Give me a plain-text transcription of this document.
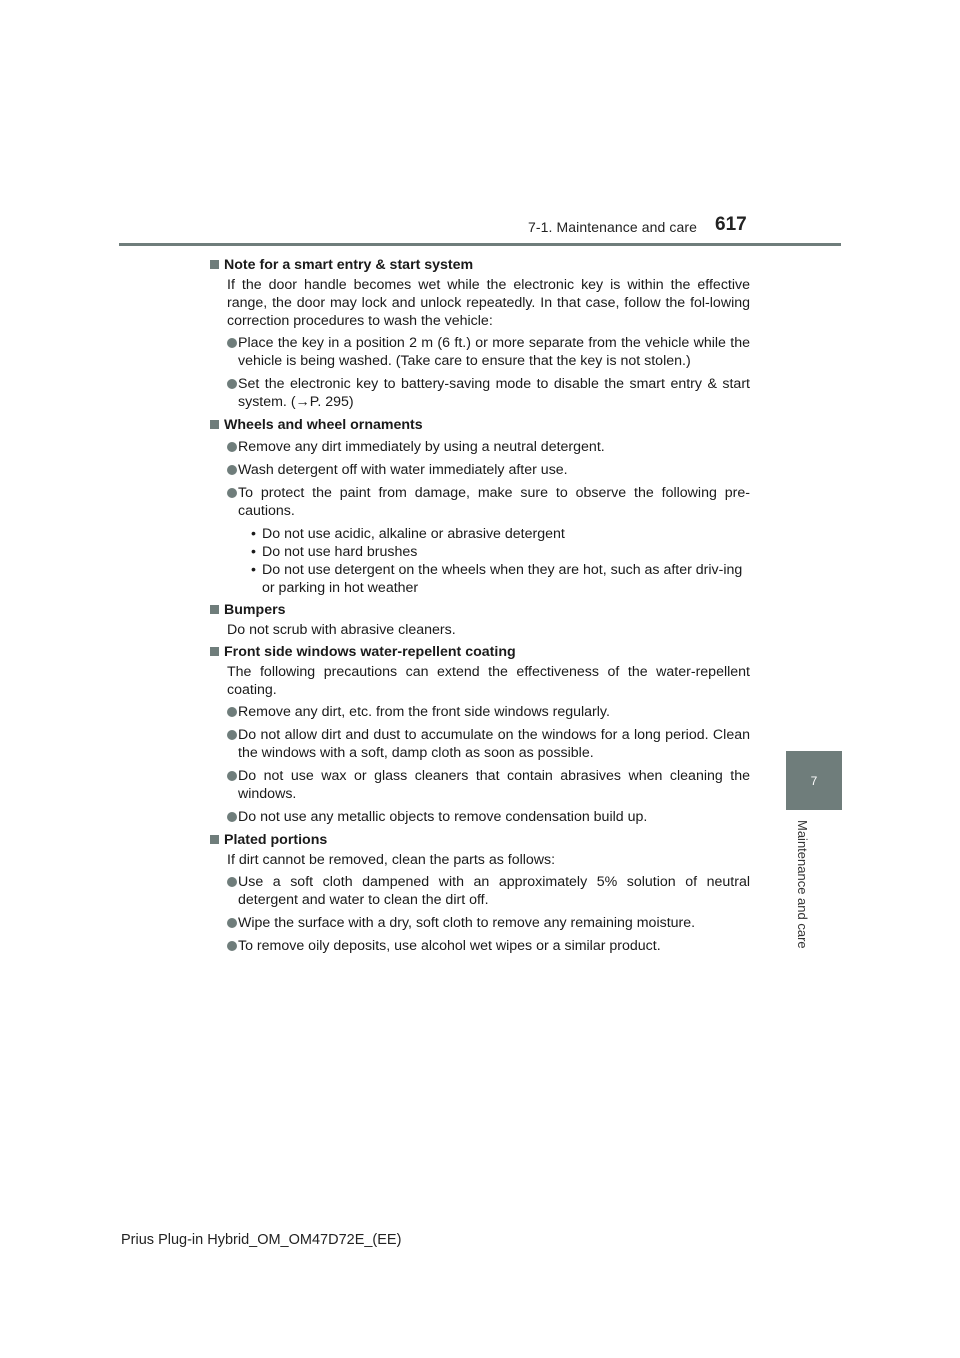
7-1. Maintenance and care 617
7
Maintenance and care
Note for a smart entry & start system

If the door handle becomes wet while the electronic key is within the effective range, the door may lock and unlock repeatedly. In that case, follow the fol-lowing correction procedures to wash the vehicle:

Place the key in a position 2 m (6 ft.) or more separate from the vehicle while the vehicle is being washed. (Take care to ensure that the key is not stolen.)
Set the electronic key to battery-saving mode to disable the smart entry & start system. (→P. 295)
Wheels and wheel ornaments
Remove any dirt immediately by using a neutral detergent.
Wash detergent off with water immediately after use.
To protect the paint from damage, make sure to observe the following pre-cautions.
• Do not use acidic, alkaline or abrasive detergent
• Do not use hard brushes
• Do not use detergent on the wheels when they are hot, such as after driv-ing or parking in hot weather
Bumpers

Do not scrub with abrasive cleaners.

Front side windows water-repellent coating

The following precautions can extend the effectiveness of the water-repellent coating.

Remove any dirt, etc. from the front side windows regularly.
Do not allow dirt and dust to accumulate on the windows for a long period. Clean the windows with a soft, damp cloth as soon as possible.
Do not use wax or glass cleaners that contain abrasives when cleaning the windows.
Do not use any metallic objects to remove condensation build up.
Plated portions

If dirt cannot be removed, clean the parts as follows:

Use a soft cloth dampened with an approximately 5% solution of neutral detergent and water to clean the dirt off.
Wipe the surface with a dry, soft cloth to remove any remaining moisture.
To remove oily deposits, use alcohol wet wipes or a similar product.
Prius Plug-in Hybrid_OM_OM47D72E_(EE)
